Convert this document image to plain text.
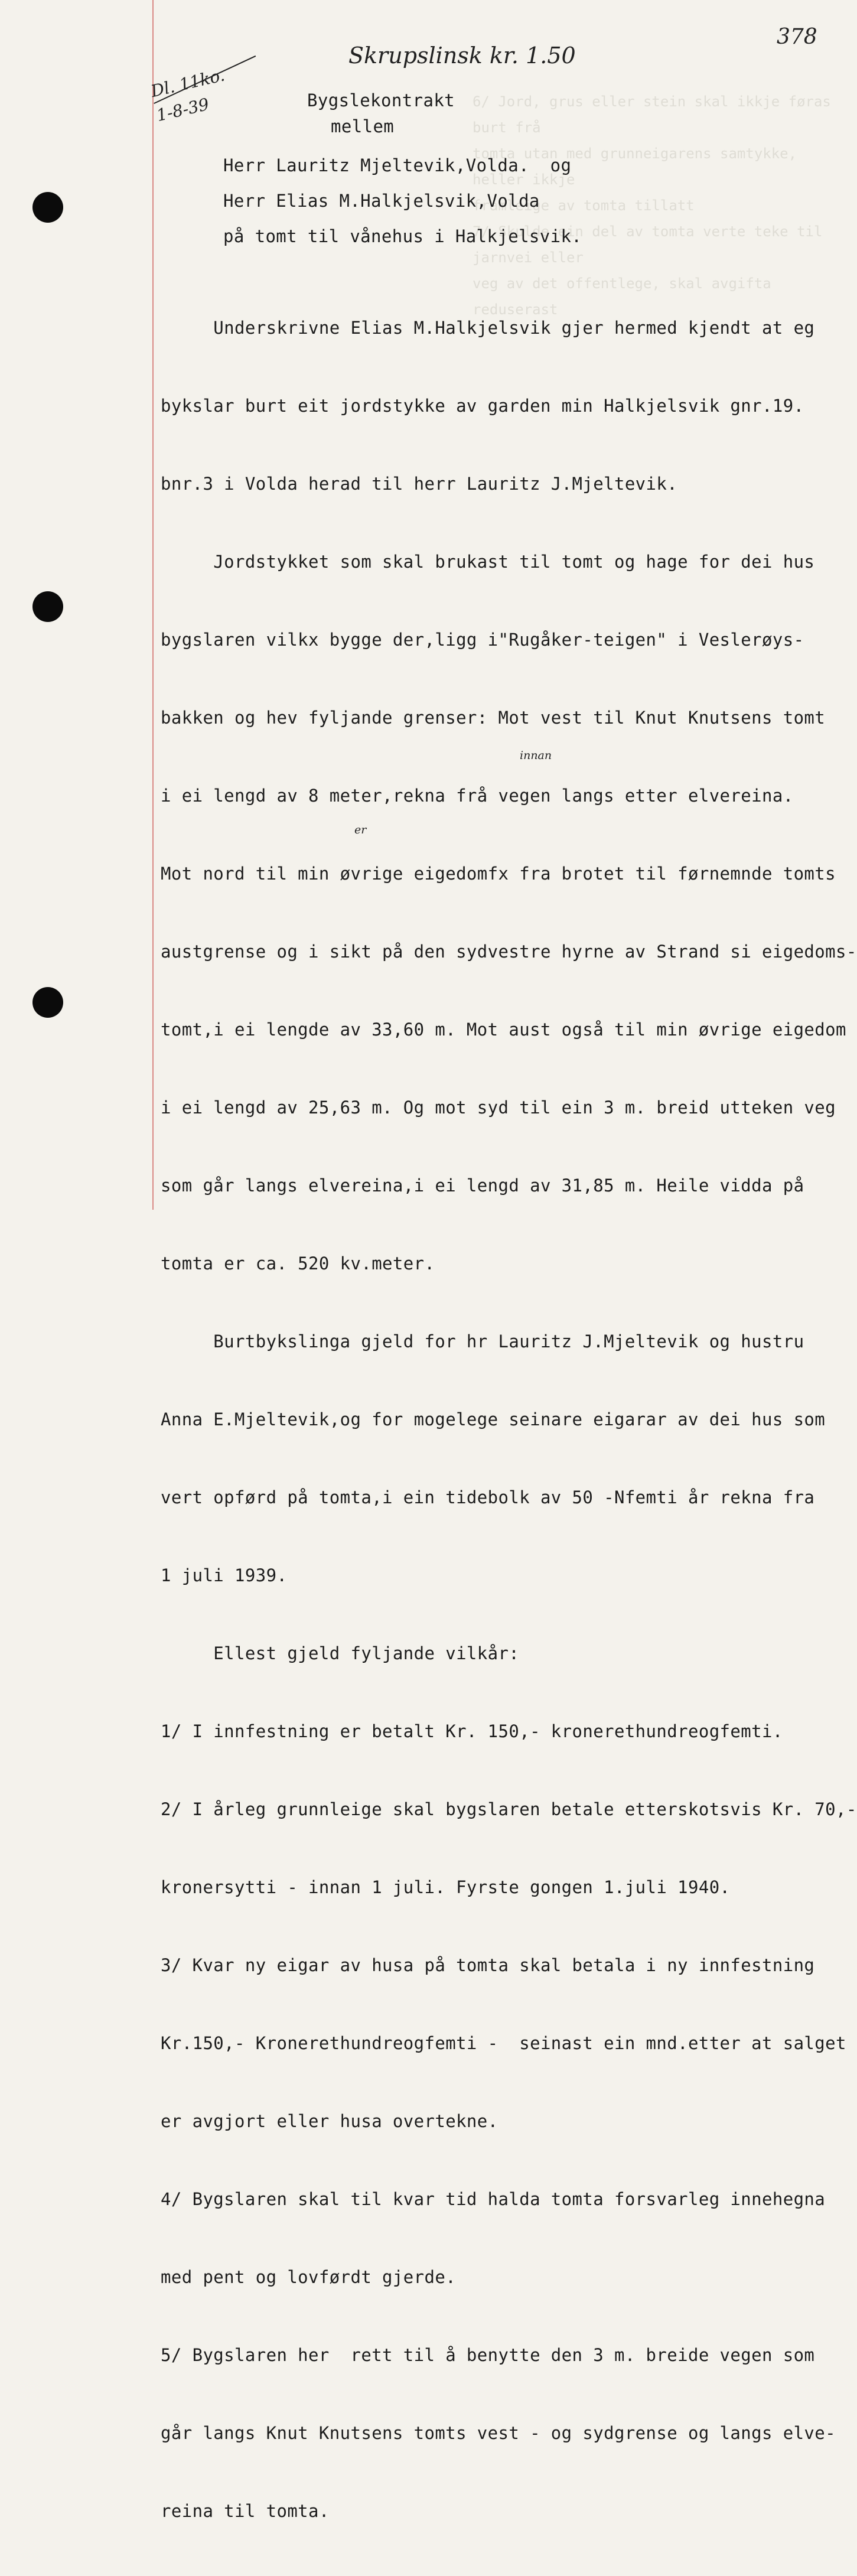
Skrupslinsk kr. 1.50
378
Dl. 11ko.
1-8-39	6/ Jord, grus eller stein skal ikkje føras burt frå
tomta utan med grunneigarens samtykke, heller ikkje
framleige av tomta tillatt
7/ Skulde ein del av tomta verte teke til jarnvei eller
veg av det offentlege, skal avgifta reduserast
Bygslekontrakt
mellem
Herr Lauritz Mjeltevik,Volda.  og
Herr Elias M.Halkjelsvik,Volda
på tomt til vånehus i Halkjelsvik.

Underskrivne Elias M.Halkjelsvik gjer hermed kjendt at eg

bykslar burt eit jordstykke av garden min Halkjelsvik gnr.19.

bnr.3 i Volda herad til herr Lauritz J.Mjeltevik.

Jordstykket som skal brukast til tomt og hage for dei hus

bygslaren vilkx bygge der,ligg i"Rugåker-teigen" i Veslerøys-

bakken og hev fyljande grenser: Mot vest til Knut Knutsens tomt

i ei lengd av 8 meter,rekna frå vegen langs etter elvereina.

Mot nord til min øvrige eigedomfx fra brotet til førnemnde tomts

austgrense og i sikt på den sydvestre hyrne av Strand si eigedoms-

tomt,i ei lengde av 33,60 m. Mot aust også til min øvrige eigedom

i ei lengd av 25,63 m. Og mot syd til ein 3 m. breid utteken veg

som går langs elvereina,i ei lengd av 31,85 m. Heile vidda på

tomta er ca. 520 kv.meter.

Burtbykslinga gjeld for hr Lauritz J.Mjeltevik og hustru

Anna E.Mjeltevik,og for mogelege seinare eigarar av dei hus som

vert opførd på tomta,i ein tidebolk av 50 -Nfemti år rekna fra

1 juli 1939.

Ellest gjeld fyljande vilkår:

1/ I innfestning er betalt Kr. 150,- kronerethundreogfemti.

2/ I årleg grunnleige skal bygslaren betale etterskotsvis Kr. 70,-

kronersytti - innan 1 juli. Fyrste gongen 1.juli 1940.

3/ Kvar ny eigar av husa på tomta skal betala i ny innfestning

Kr.150,- Kronerethundreogfemti -  seinast ein mnd.etter at salget

er avgjort eller husa overtekne.

4/ Bygslaren skal til kvar tid halda tomta forsvarleg innehegna

med pent og lovførdt gjerde.

5/ Bygslaren her  rett til å benytte den 3 m. breide vegen som

går langs Knut Knutsens tomts vest - og sydgrense og langs elve-

reina til tomta.

innan
er
